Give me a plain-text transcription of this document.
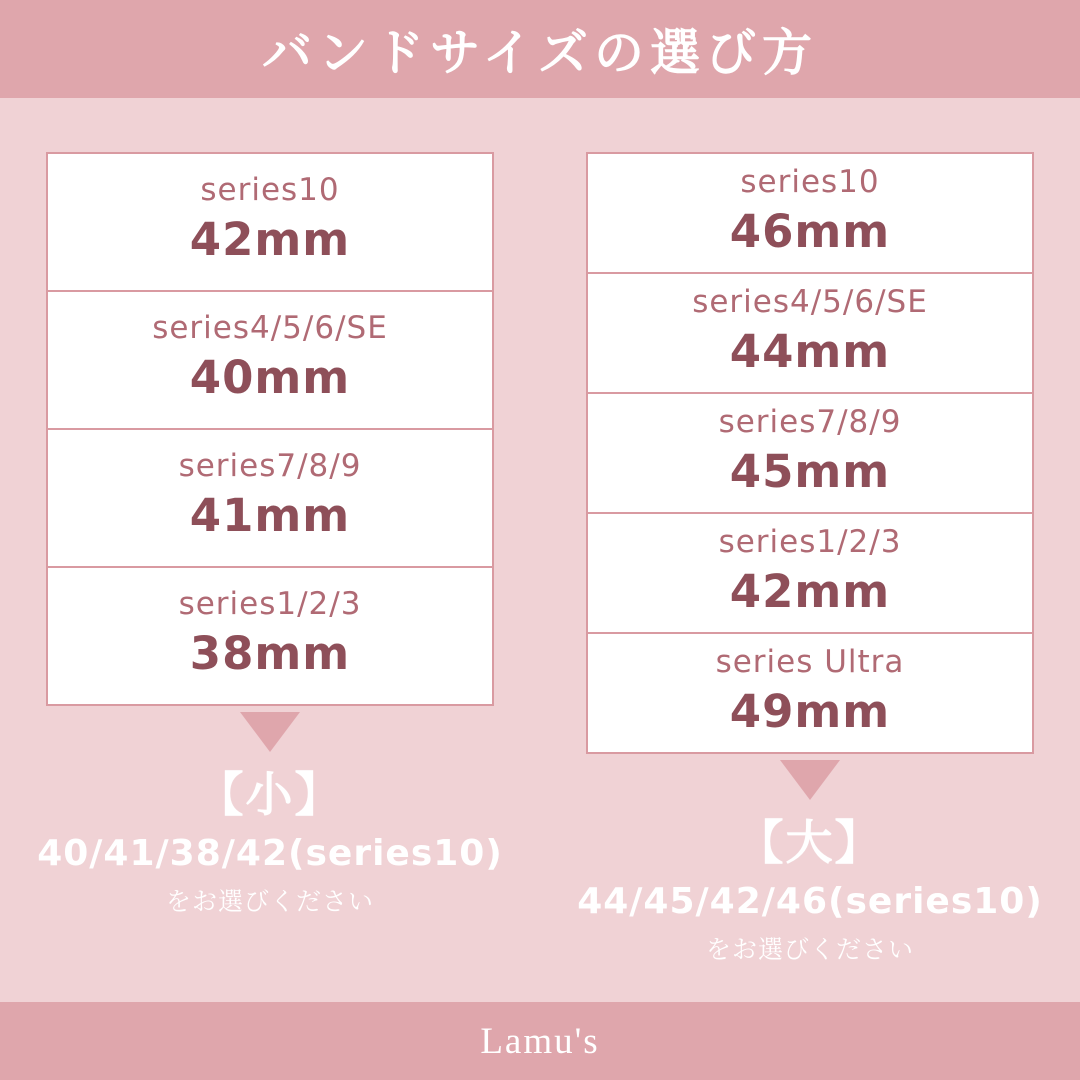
バンドサイズの選び方
series10
42mm
series4/5/6/SE
40mm
series7/8/9
41mm
series1/2/3
38mm
【小】
40/41/38/42(series10)
をお選びください
series10
46mm
series4/5/6/SE
44mm
series7/8/9
45mm
series1/2/3
42mm
series Ultra
49mm
【大】
44/45/42/46(series10)
をお選びください
Lamu's
